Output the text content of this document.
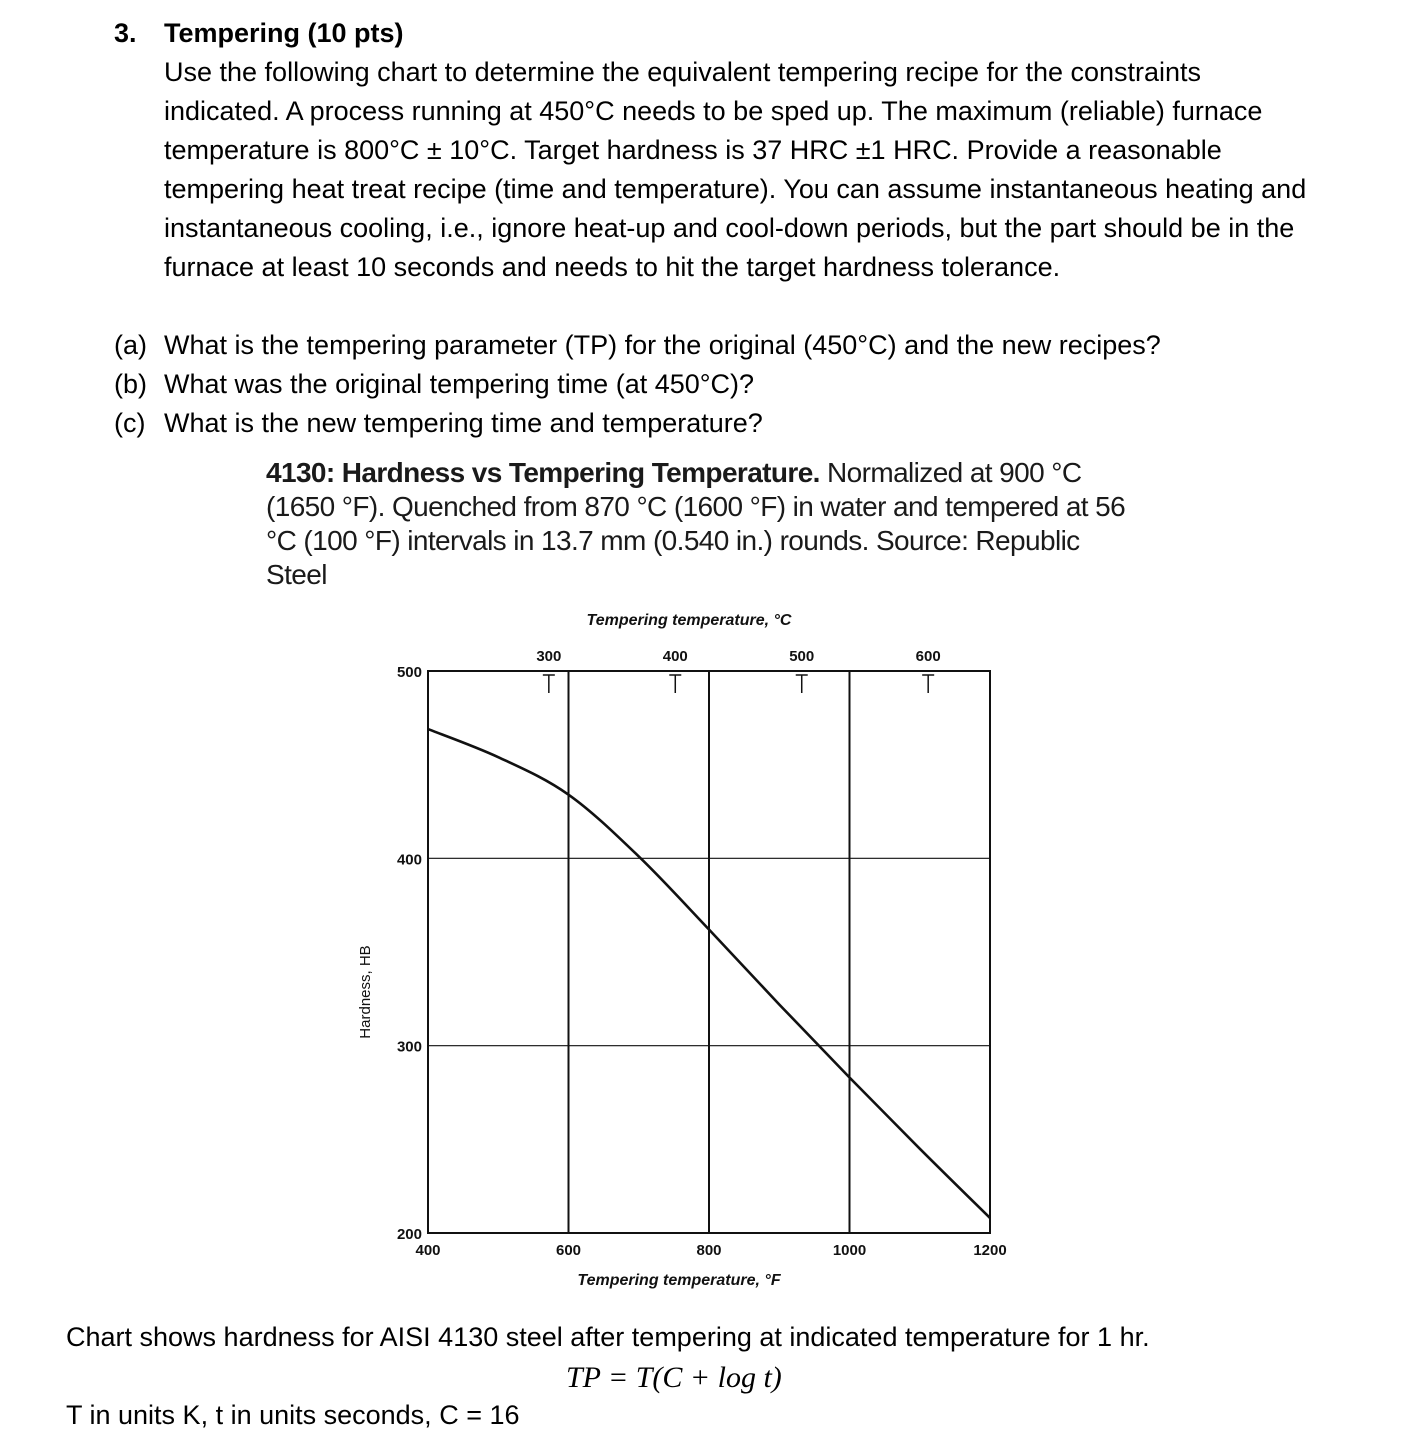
3. Tempering (10 pts)

Use the following chart to determine the equivalent tempering recipe for the constraints indicated. A process running at 450°C needs to be sped up. The maximum (reliable) furnace temperature is 800°C ± 10°C. Target hardness is 37 HRC ±1 HRC. Provide a reasonable tempering heat treat recipe (time and temperature). You can assume instantaneous heating and instantaneous cooling, i.e., ignore heat-up and cool-down periods, but the part should be in the furnace at least 10 seconds and needs to hit the target hardness tolerance.

(a) What is the tempering parameter (TP) for the original (450°C) and the new recipes?
(b) What was the original tempering time (at 450°C)?
(c) What is the new tempering time and temperature?
4130: Hardness vs Tempering Temperature. Normalized at 900 °C (1650 °F). Quenched from 870 °C (1600 °F) in water and tempered at 56 °C (100 °F) intervals in 13.7 mm (0.540 in.) rounds. Source: Republic Steel
400	600	800	1000	1200
200
300
400
500
300	400	500	600
Tempering temperature, °C
Tempering temperature, °F
Hardness, HB
Chart shows hardness for AISI 4130 steel after tempering at indicated temperature for 1 hr.
TP = T(C + log t)
T in units K, t in units seconds, C = 16
